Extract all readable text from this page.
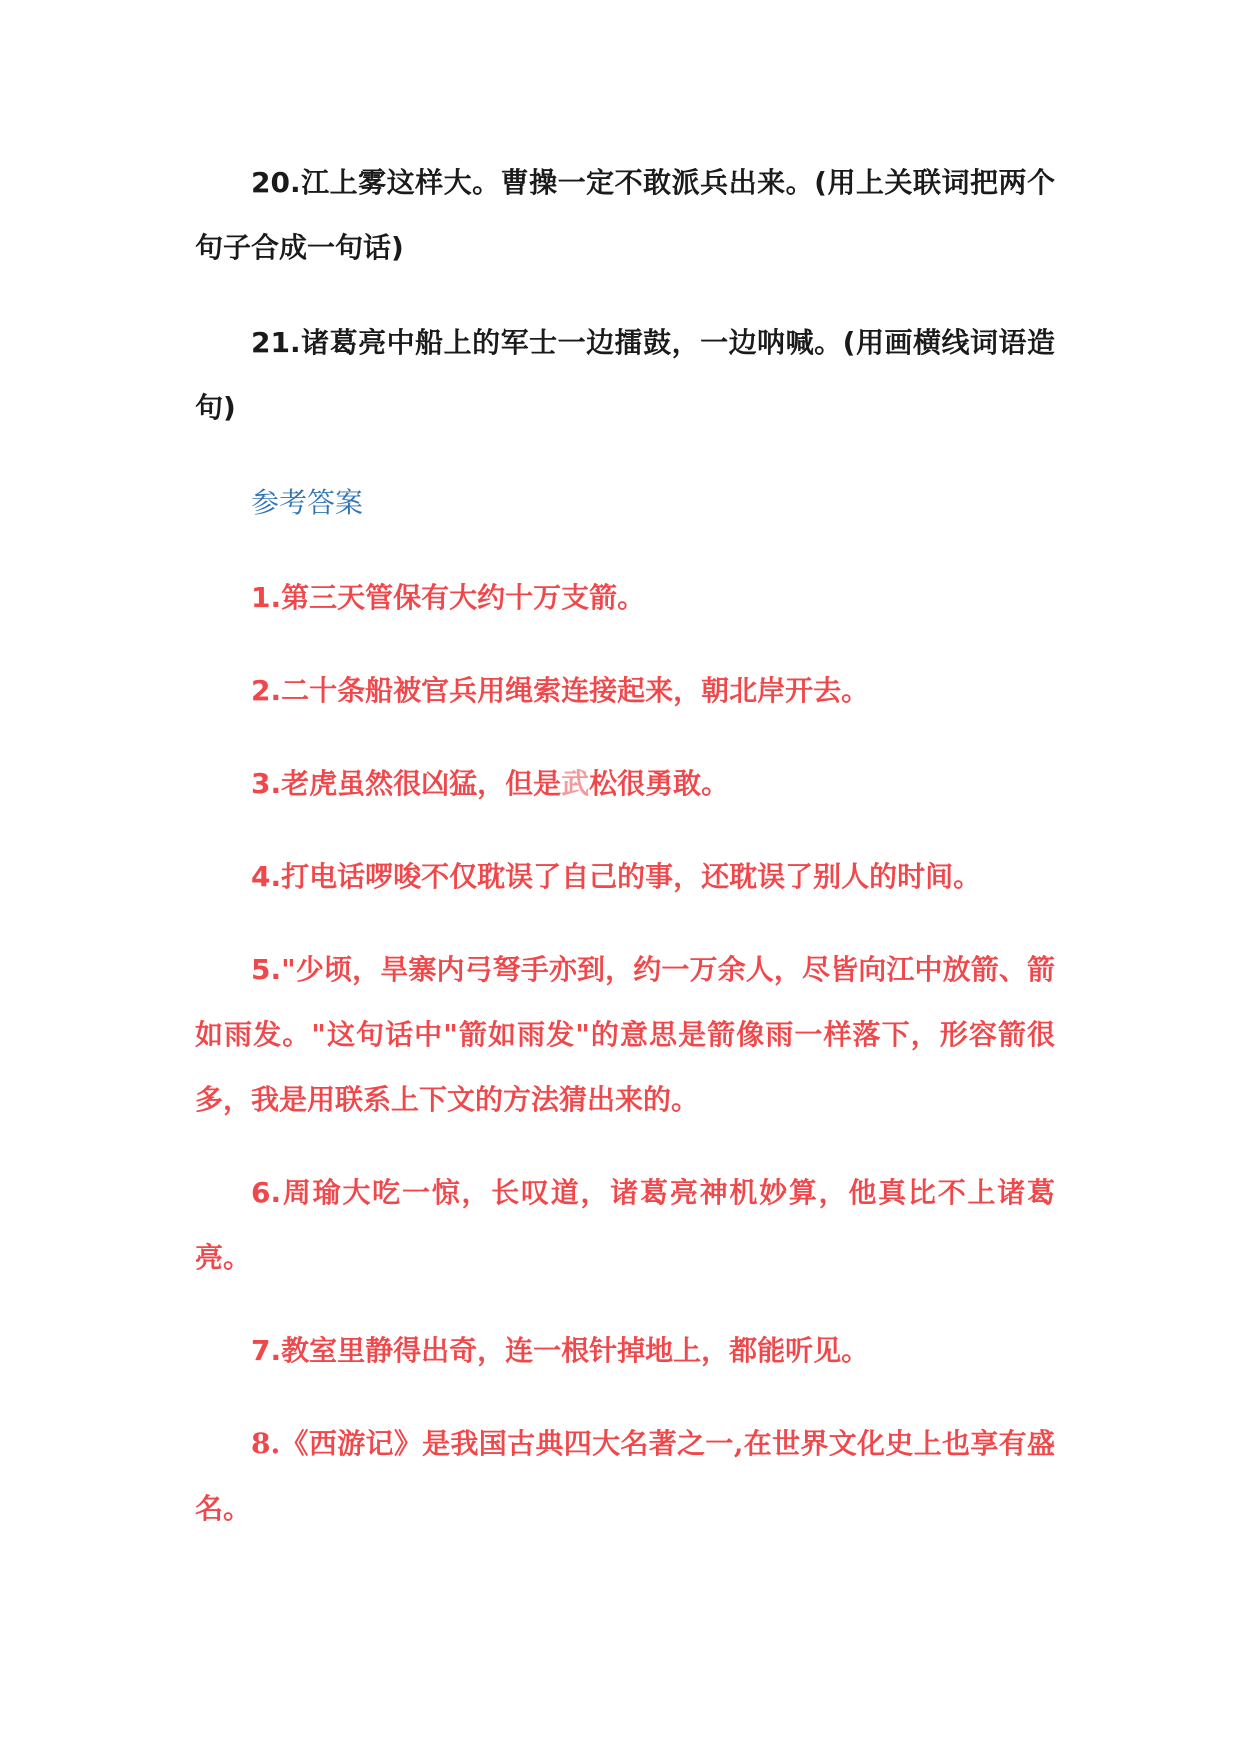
20.江上雾这样大。曹操一定不敢派兵出来。(用上关联词把两个句子合成一句话)

21.诸葛亮中船上的军士一边擂鼓，一边呐喊。(用画横线词语造句)

参考答案

1.第三天管保有大约十万支箭。

2.二十条船被官兵用绳索连接起来，朝北岸开去。

3.老虎虽然很凶猛，但是武松很勇敢。

4.打电话啰唆不仅耽误了自己的事，还耽误了别人的时间。

5."少顷，旱寨内弓弩手亦到，约一万余人，尽皆向江中放箭、箭如雨发。"这句话中"箭如雨发"的意思是箭像雨一样落下，形容箭很多，我是用联系上下文的方法猜出来的。

6.周瑜大吃一惊，长叹道，诸葛亮神机妙算，他真比不上诸葛亮。

7.教室里静得出奇，连一根针掉地上，都能听见。

8.《西游记》是我国古典四大名著之一,在世界文化史上也享有盛名。
